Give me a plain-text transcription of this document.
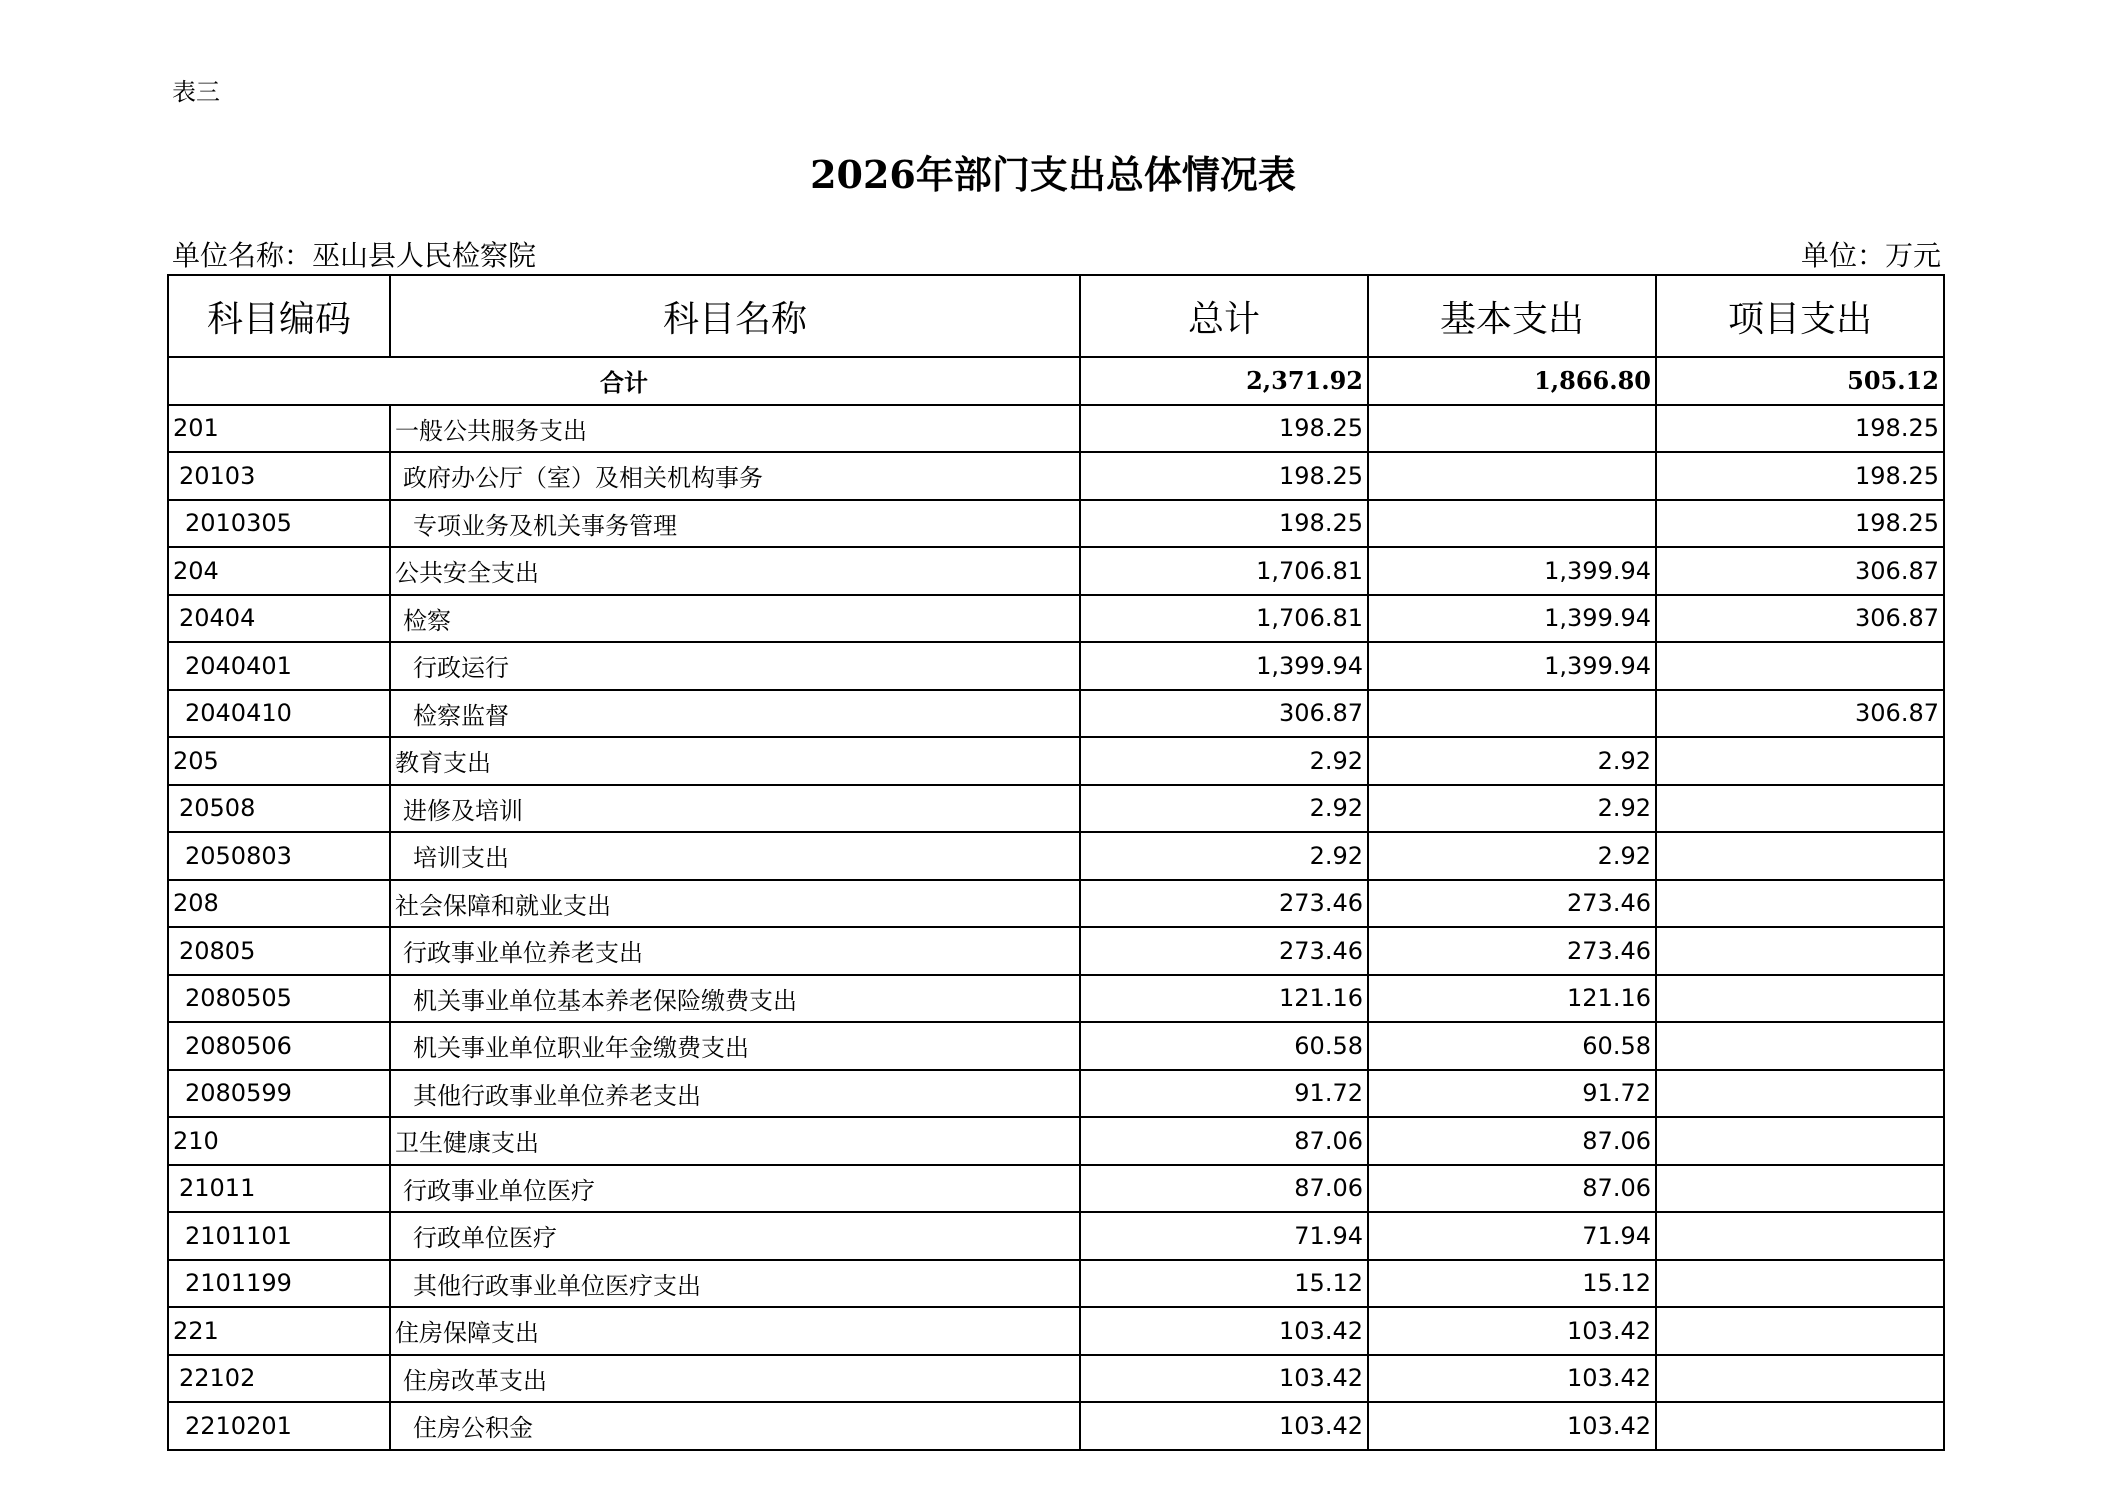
表三
2026年部门支出总体情况表
单位名称：巫山县人民检察院	单位：万元
科目编码	科目名称	总计	基本支出	项目支出
合计		2,371.92	1,866.80	505.12
201	一般公共服务支出	198.25		198.25
20103	政府办公厅（室）及相关机构事务	198.25		198.25
2010305	专项业务及机关事务管理	198.25		198.25
204	公共安全支出	1,706.81	1,399.94	306.87
20404	检察	1,706.81	1,399.94	306.87
2040401	行政运行	1,399.94	1,399.94	
2040410	检察监督	306.87		306.87
205	教育支出	2.92	2.92	
20508	进修及培训	2.92	2.92	
2050803	培训支出	2.92	2.92	
208	社会保障和就业支出	273.46	273.46	
20805	行政事业单位养老支出	273.46	273.46	
2080505	机关事业单位基本养老保险缴费支出	121.16	121.16	
2080506	机关事业单位职业年金缴费支出	60.58	60.58	
2080599	其他行政事业单位养老支出	91.72	91.72	
210	卫生健康支出	87.06	87.06	
21011	行政事业单位医疗	87.06	87.06	
2101101	行政单位医疗	71.94	71.94	
2101199	其他行政事业单位医疗支出	15.12	15.12	
221	住房保障支出	103.42	103.42	
22102	住房改革支出	103.42	103.42	
2210201	住房公积金	103.42	103.42	
